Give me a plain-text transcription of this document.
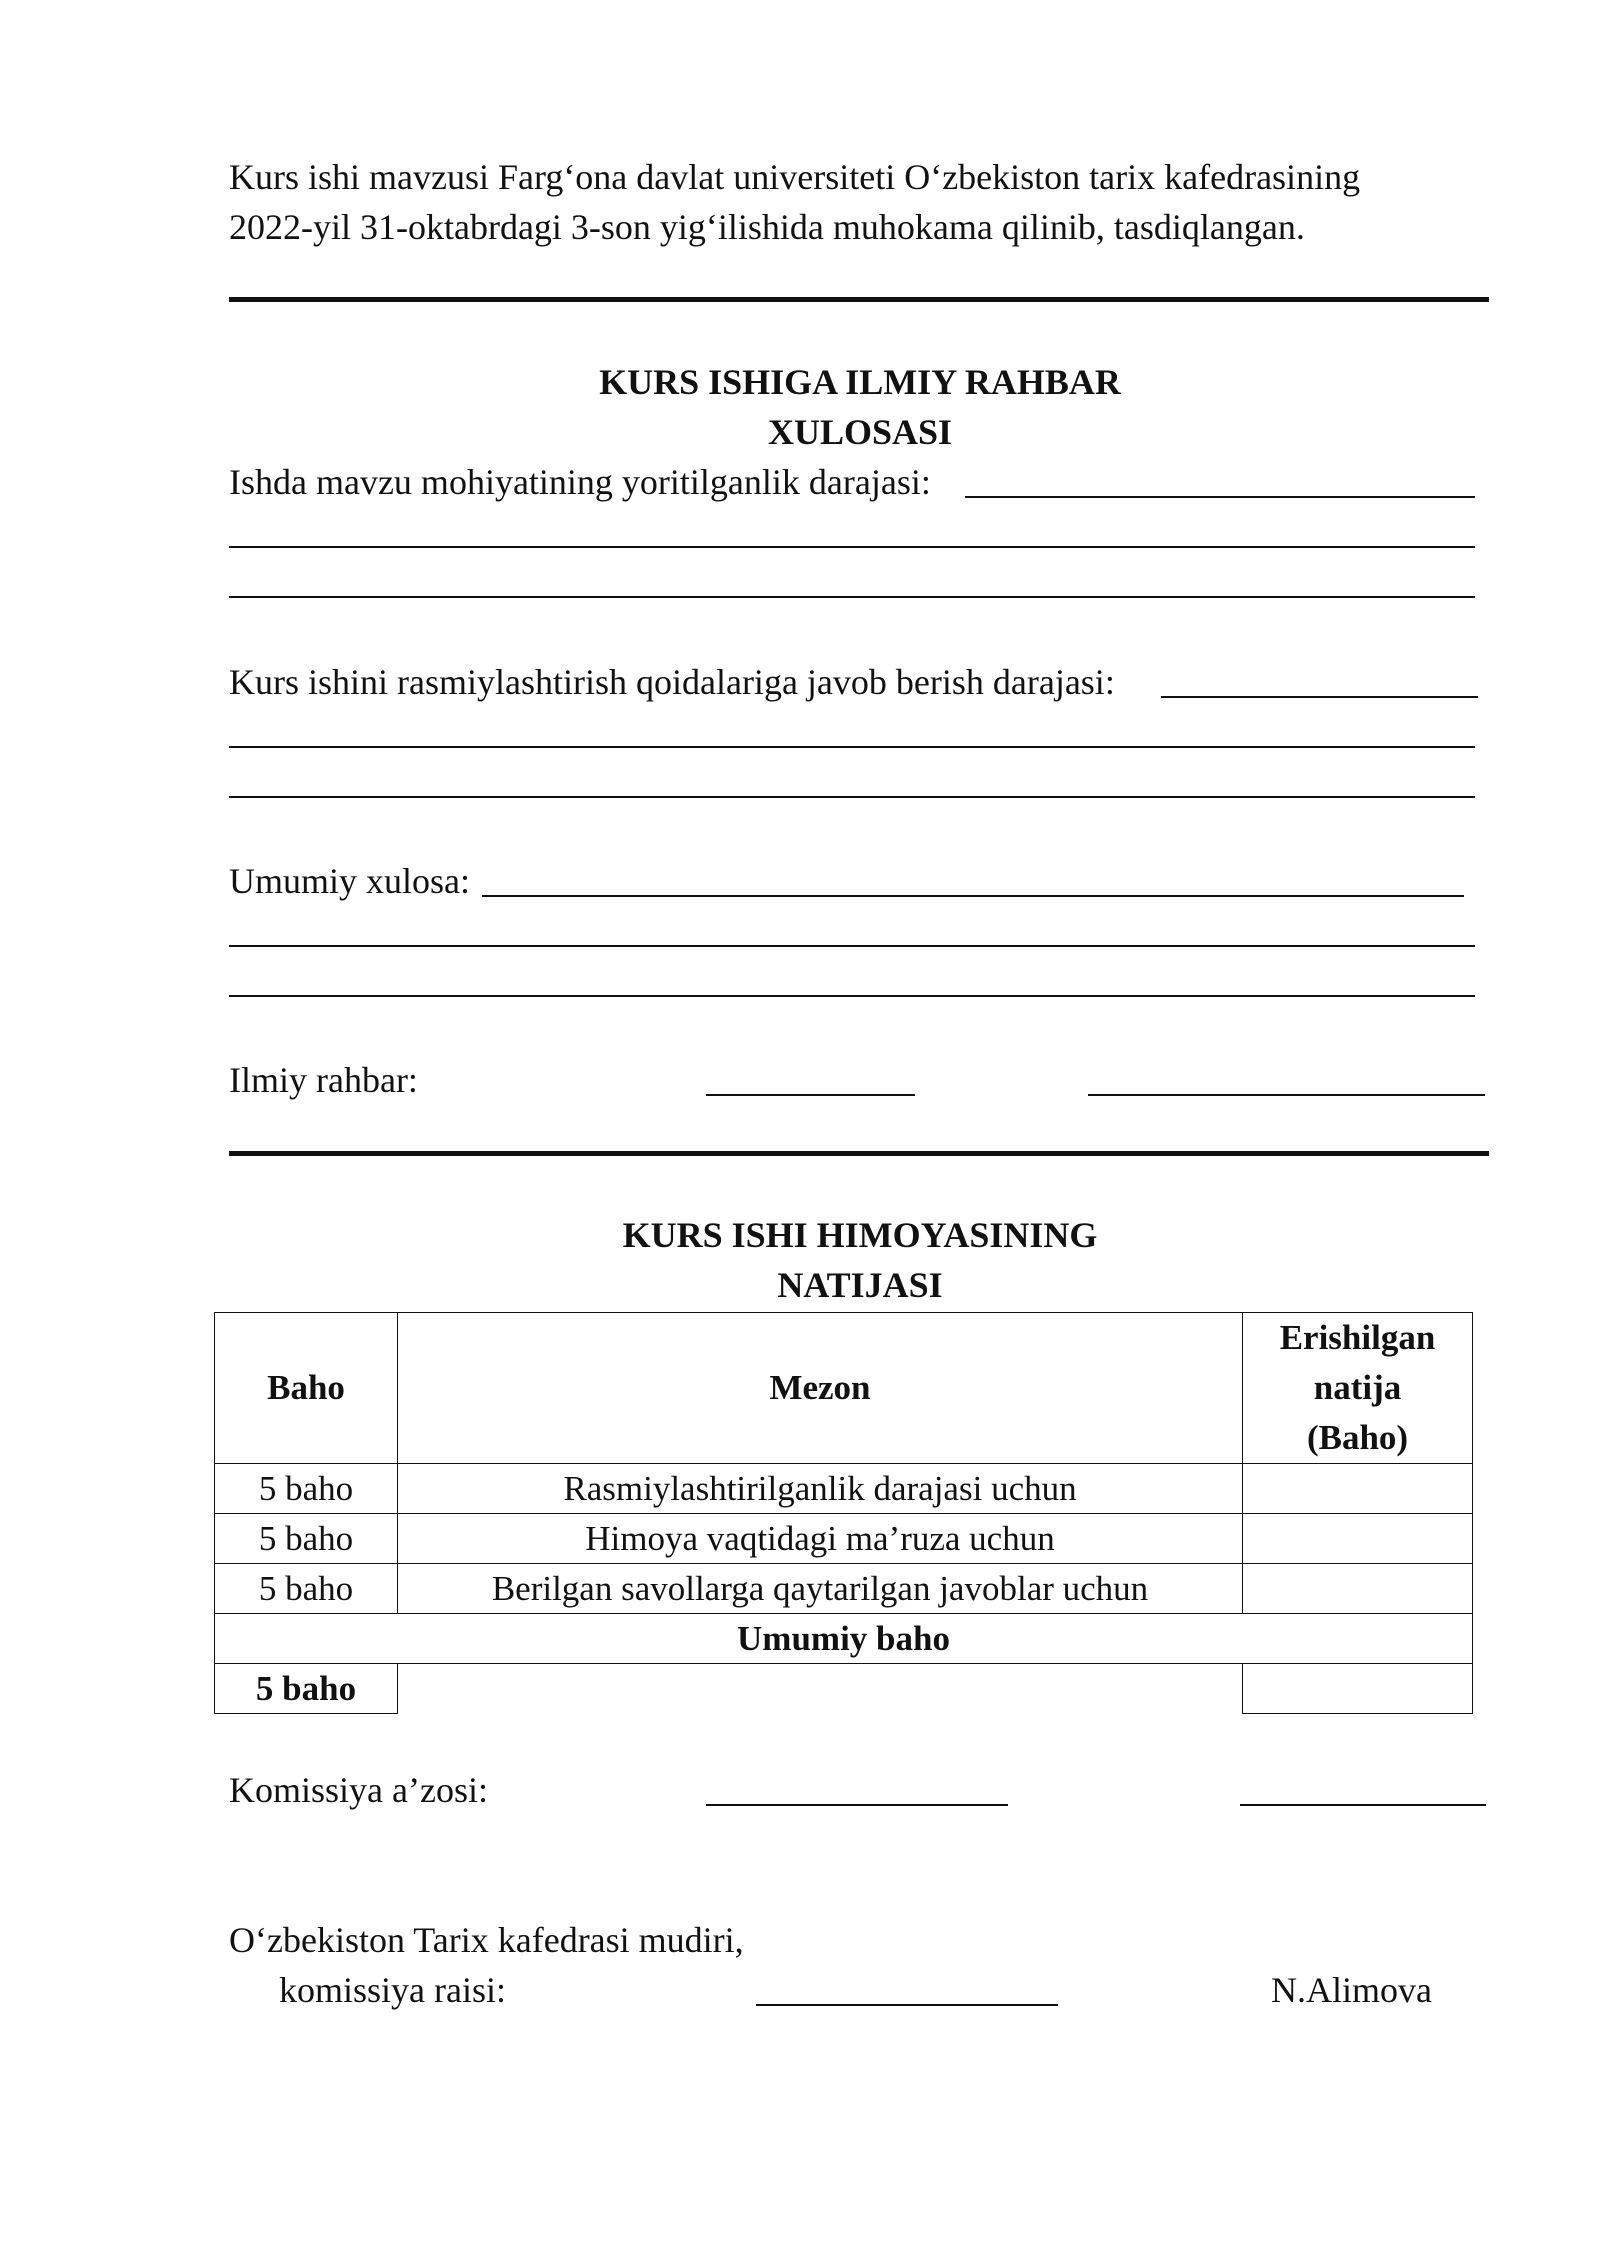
Kurs ishi mavzusi Farg‘ona davlat universiteti O‘zbekiston tarix kafedrasining
2022-yil 31-oktabrdagi 3-son yig‘ilishida muhokama qilinib, tasdiqlangan.
KURS ISHIGA ILMIY RAHBAR
XULOSASI
Ishda mavzu mohiyatining yoritilganlik darajasi:
Kurs ishini rasmiylashtirish qoidalariga javob berish darajasi:
Umumiy xulosa:
Ilmiy rahbar:
KURS ISHI HIMOYASINING
NATIJASI
Baho	Mezon	Erishilgan
natija
(Baho)

5 baho	Rasmiylashtirilganlik darajasi uchun	
5 baho	Himoya vaqtidagi ma’ruza uchun	
5 baho	Berilgan savollarga qaytarilgan javoblar uchun	
Umumiy baho		
5 baho		
Komissiya a’zosi:
O‘zbekiston Tarix kafedrasi mudiri,
komissiya raisi:	N.Alimova
